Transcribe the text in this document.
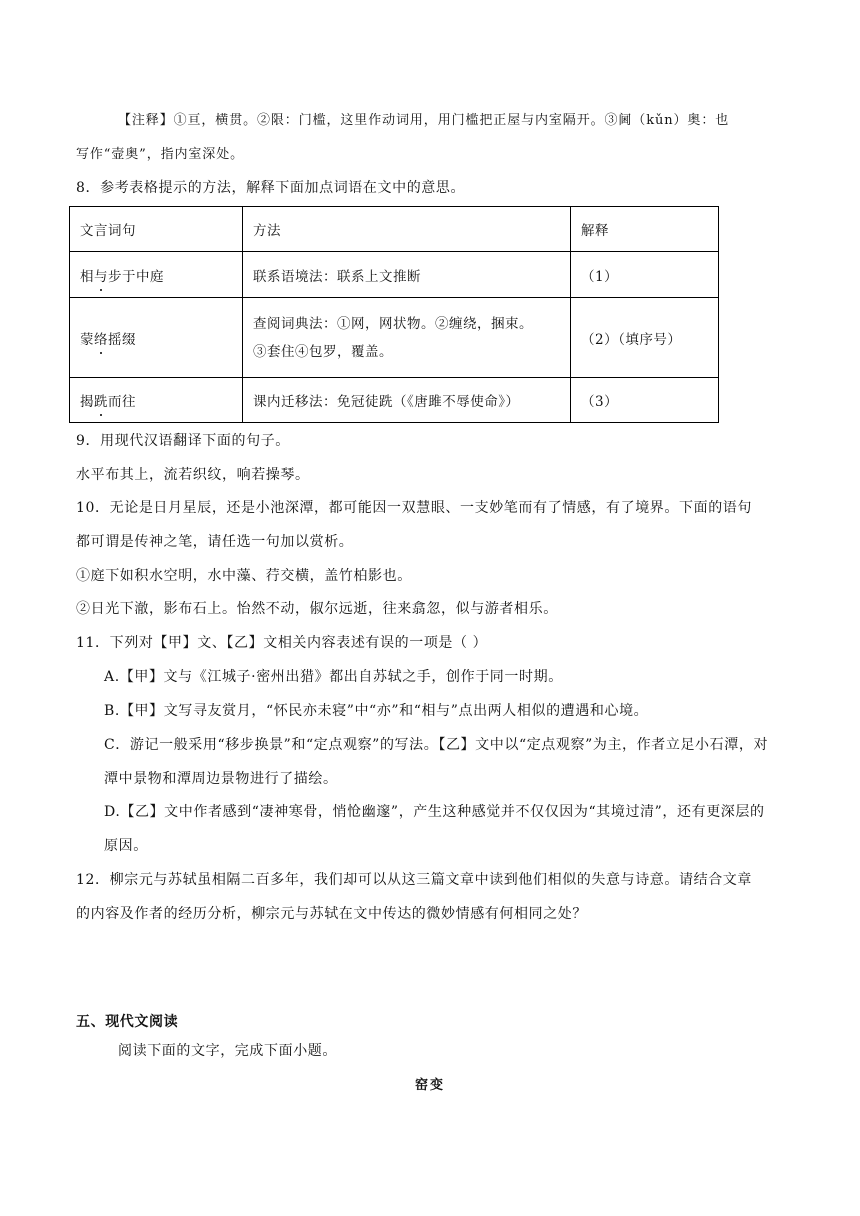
【注释】①亘，横贯。②限：门槛，这里作动词用，用门槛把正屋与内室隔开。③阃（kǔn）奥：也
写作“壸奥”，指内室深处。
8．参考表格提示的方法，解释下面加点词语在文中的意思。
文言词句	方法	解释
相与步于中庭	联系语境法：联系上文推断	（1）
蒙络摇缀	查阅词典法：①网，网状物。②缠绕，捆束。
③套住④包罗，覆盖。	（2）（填序号）
揭跣而往	课内迁移法：免冠徒跣（《唐雎不辱使命》）	（3）
9．用现代汉语翻译下面的句子。
水平布其上，流若织纹，响若操琴。
10．无论是日月星辰，还是小池深潭，都可能因一双慧眼、一支妙笔而有了情感，有了境界。下面的语句
都可谓是传神之笔，请任选一句加以赏析。
①庭下如积水空明，水中藻、荇交横，盖竹柏影也。
②日光下澈，影布石上。怡然不动，俶尔远逝，往来翕忽，似与游者相乐。
11．下列对【甲】文、【乙】文相关内容表述有误的一项是（ ）
A.【甲】文与《江城子·密州出猎》都出自苏轼之手，创作于同一时期。
B.【甲】文写寻友赏月，“怀民亦未寝”中“亦”和“相与”点出两人相似的遭遇和心境。
C．游记一般采用“移步换景”和“定点观察”的写法。【乙】文中以“定点观察”为主，作者立足小石潭，对
潭中景物和潭周边景物进行了描绘。
D.【乙】文中作者感到“凄神寒骨，悄怆幽邃”，产生这种感觉并不仅仅因为“其境过清”，还有更深层的
原因。
12．柳宗元与苏轼虽相隔二百多年，我们却可以从这三篇文章中读到他们相似的失意与诗意。请结合文章
的内容及作者的经历分析，柳宗元与苏轼在文中传达的微妙情感有何相同之处？
五、现代文阅读
阅读下面的文字，完成下面小题。
窑变
